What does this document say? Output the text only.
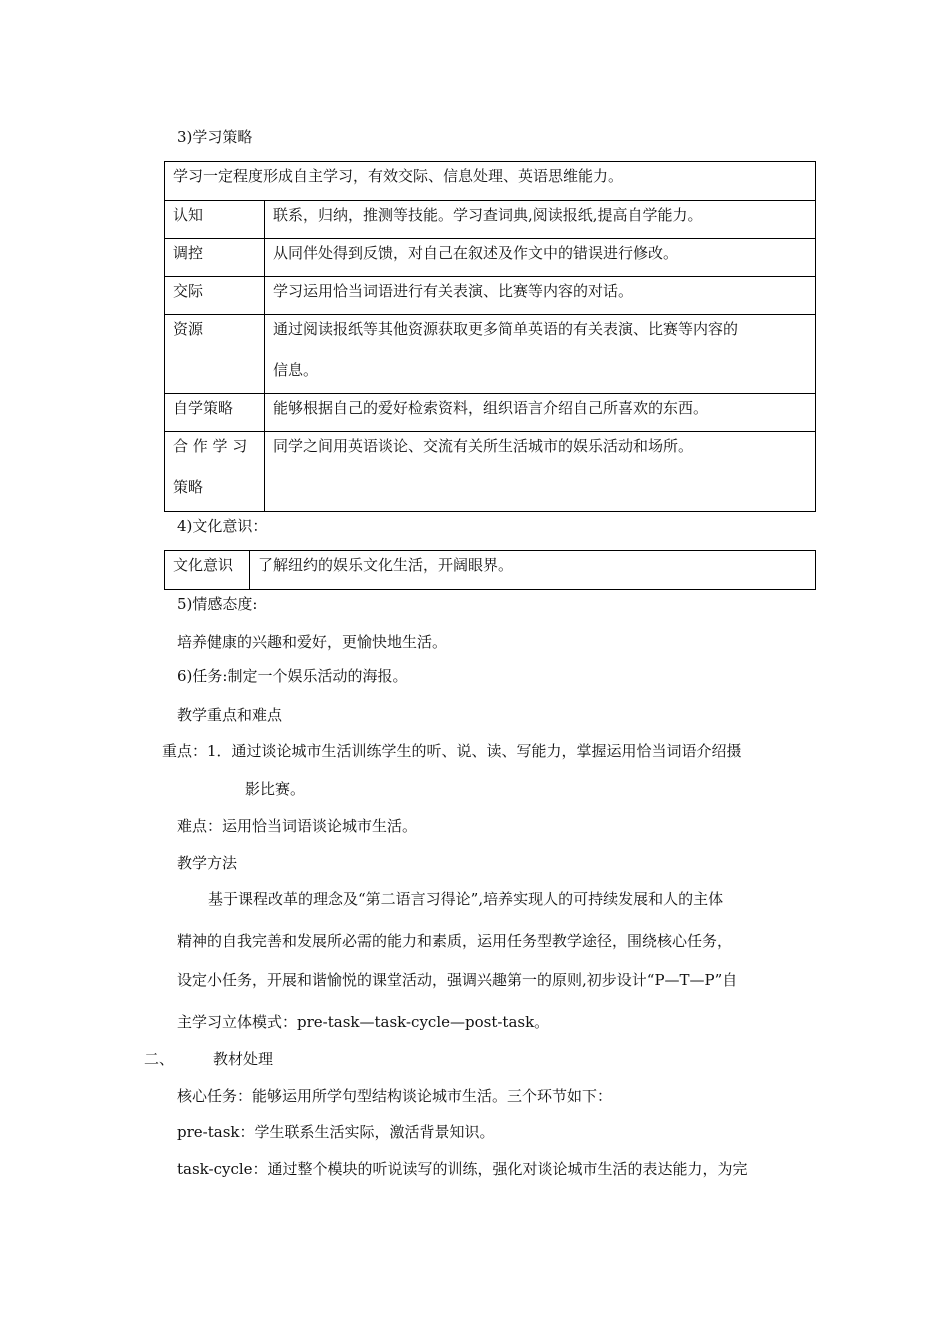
3)学习策略
学习一定程度形成自主学习，有效交际、信息处理、英语思维能力。	
认知	联系，归纳，推测等技能。学习查词典,阅读报纸,提高自学能力。
调控	从同伴处得到反馈，对自己在叙述及作文中的错误进行修改。
交际	学习运用恰当词语进行有关表演、比赛等内容的对话。
资源	通过阅读报纸等其他资源获取更多简单英语的有关表演、比赛等内容的
信息。

自学策略	能够根据自己的爱好检索资料，组织语言介绍自己所喜欢的东西。

合 作 学 习
策略	同学之间用英语谈论、交流有关所生活城市的娱乐活动和场所。
4)文化意识：
文化意识	了解纽约的娱乐文化生活，开阔眼界。
5)情感态度:
培养健康的兴趣和爱好，更愉快地生活。
6)任务:制定一个娱乐活动的海报。
教学重点和难点
重点：1．通过谈论城市生活训练学生的听、说、读、写能力，掌握运用恰当词语介绍摄
影比赛。
难点：运用恰当词语谈论城市生活。
教学方法
基于课程改革的理念及“第二语言习得论”,培养实现人的可持续发展和人的主体
精神的自我完善和发展所必需的能力和素质，运用任务型教学途径，围绕核心任务，
设定小任务，开展和谐愉悦的课堂活动，强调兴趣第一的原则,初步设计“P—T—P”自
主学习立体模式：pre-task—task-cycle—post-task。
二、	教材处理
核心任务：能够运用所学句型结构谈论城市生活。三个环节如下：
pre-task：学生联系生活实际，激活背景知识。
task-cycle：通过整个模块的听说读写的训练，强化对谈论城市生活的表达能力，为完
